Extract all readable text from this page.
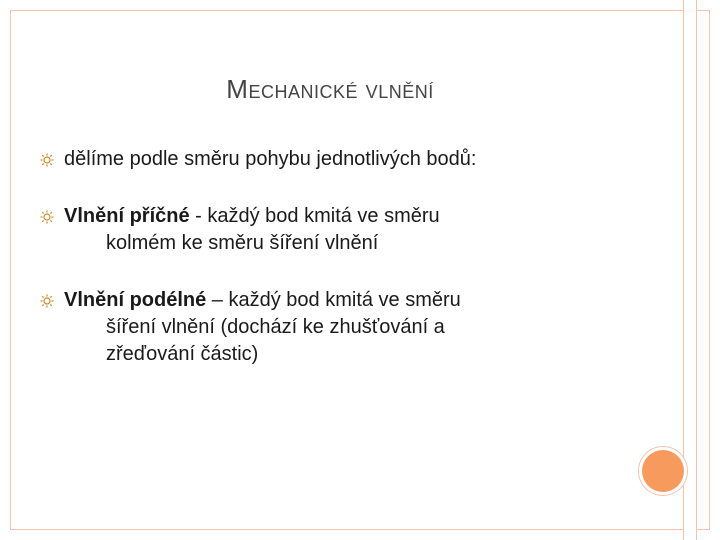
Mechanické vlnění
dělíme podle směru pohybu jednotlivých bodů:
Vlnění příčné - každý bod kmitá ve směru
kolmém ke směru šíření vlnění
Vlnění podélné – každý bod kmitá ve směru
šíření vlnění (dochází ke zhušťování a
zřeďování částic)
